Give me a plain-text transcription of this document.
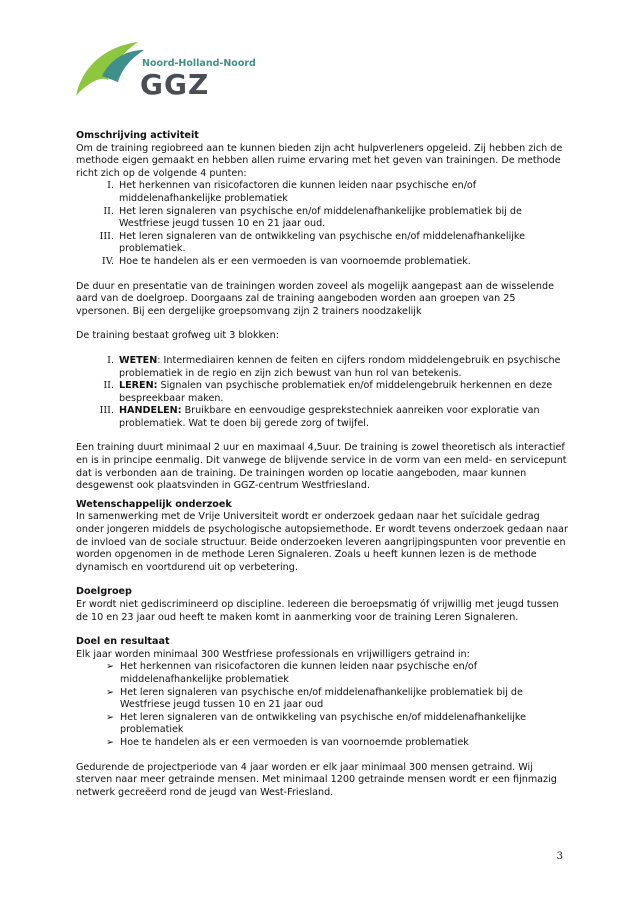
Noord-Holland-Noord
GGZ

Omschrijving activiteit

Om de training regiobreed aan te kunnen bieden zijn acht hulpverleners opgeleid. Zij hebben zich de methode eigen gemaakt en hebben allen ruime ervaring met het geven van trainingen. De methode richt zich op de volgende 4 punten:

I. Het herkennen van risicofactoren die kunnen leiden naar psychische en/of middelenafhankelijke problematiek
II. Het leren signaleren van psychische en/of middelenafhankelijke problematiek bij de Westfriese jeugd tussen 10 en 21 jaar oud.
III. Het leren signaleren van de ontwikkeling van psychische en/of middelenafhankelijke problematiek.
IV. Hoe te handelen als er een vermoeden is van voornoemde problematiek.

De duur en presentatie van de trainingen worden zoveel als mogelijk aangepast aan de wisselende aard van de doelgroep. Doorgaans zal de training aangeboden worden aan groepen van 25 vpersonen. Bij een dergelijke groepsomvang zijn 2 trainers noodzakelijk

De training bestaat grofweg uit 3 blokken:

I. WETEN: Intermediairen kennen de feiten en cijfers rondom middelengebruik en psychische problematiek in de regio en zijn zich bewust van hun rol van betekenis.
II. LEREN: Signalen van psychische problematiek en/of middelengebruik herkennen en deze bespreekbaar maken.
III. HANDELEN: Bruikbare en eenvoudige gesprekstechniek aanreiken voor exploratie van problematiek. Wat te doen bij gerede zorg of twijfel.

Een training duurt minimaal 2 uur en maximaal 4,5uur. De training is zowel theoretisch als interactief en is in principe eenmalig. Dit vanwege de blijvende service in de vorm van een meld- en servicepunt dat is verbonden aan de training. De trainingen worden op locatie aangeboden, maar kunnen desgewenst ook plaatsvinden in GGZ-centrum Westfriesland.

Wetenschappelijk onderzoek

In samenwerking met de Vrije Universiteit wordt er onderzoek gedaan naar het suïcidale gedrag onder jongeren middels de psychologische autopsiemethode. Er wordt tevens onderzoek gedaan naar de invloed van de sociale structuur. Beide onderzoeken leveren aangrijpingspunten voor preventie en worden opgenomen in de methode Leren Signaleren. Zoals u heeft kunnen lezen is de methode dynamisch en voortdurend uit op verbetering.

Doelgroep

Er wordt niet gediscrimineerd op discipline. Iedereen die beroepsmatig óf vrijwillig met jeugd tussen de 10 en 23 jaar oud heeft te maken komt in aanmerking voor de training Leren Signaleren.

Doel en resultaat

Elk jaar worden minimaal 300 Westfriese professionals en vrijwilligers getraind in:

➢ Het herkennen van risicofactoren die kunnen leiden naar psychische en/of middelenafhankelijke problematiek
➢ Het leren signaleren van psychische en/of middelenafhankelijke problematiek bij de Westfriese jeugd tussen 10 en 21 jaar oud
➢ Het leren signaleren van de ontwikkeling van psychische en/of middelenafhankelijke problematiek
➢ Hoe te handelen als er een vermoeden is van voornoemde problematiek

Gedurende de projectperiode van 4 jaar worden er elk jaar minimaal 300 mensen getraind. Wij sterven naar meer getrainde mensen. Met minimaal 1200 getrainde mensen wordt er een fijnmazig netwerk gecreëerd rond de jeugd van West-Friesland.

3
